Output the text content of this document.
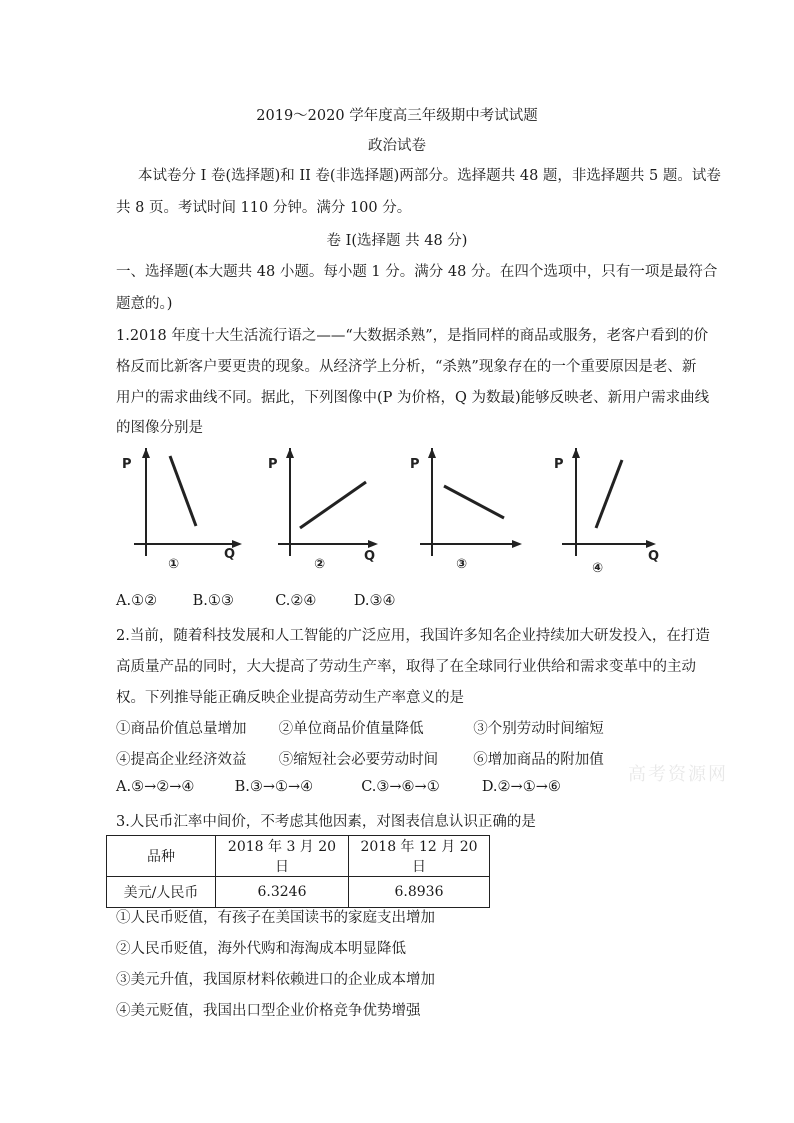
2019～2020 学年度高三年级期中考试试题
政治试卷
本试卷分 I 卷(选择题)和 II 卷(非选择题)两部分。选择题共 48 题，非选择题共 5 题。试卷
共 8 页。考试时间 110 分钟。满分 100 分。
卷 I(选择题 共 48 分)
一、选择题(本大题共 48 小题。每小题 1 分。满分 48 分。在四个选项中，只有一项是最符合
题意的。)
1.2018 年度十大生活流行语之——“大数据杀熟”，是指同样的商品或服务，老客户看到的价
格反而比新客户要更贵的现象。从经济学上分析，“杀熟”现象存在的一个重要原因是老、新
用户的需求曲线不同。据此，下列图像中(P 为价格，Q 为数最)能够反映老、新用户需求曲线
的图像分别是
P
Q
①
P
Q
②
P
③
P
Q
④
A.①② B.①③	C.②④	D.③④
2.当前，随着科技发展和人工智能的广泛应用，我国许多知名企业持续加大研发投入，在打造
高质量产品的同时，大大提高了劳动生产率，取得了在全球同行业供给和需求变革中的主动
权。下列推导能正确反映企业提高劳动生产率意义的是
①商品价值总量增加 ②单位商品价值量降低	③个别劳动时间缩短
④提高企业经济效益 ⑤缩短社会必要劳动时间 ⑥增加商品的附加值
A.⑤→②→④	B.③→①→④	C.③→⑥→①	D.②→①→⑥
高考资源网
3.人民币汇率中间价，不考虑其他因素，对图表信息认识正确的是
品种	2018 年 3 月 20 日	2018 年 12 月 20 日
美元/人民币	6.3246	6.8936
①人民币贬值，有孩子在美国读书的家庭支出增加
②人民币贬值，海外代购和海淘成本明显降低
③美元升值，我国原材料依赖进口的企业成本增加
④美元贬值，我国出口型企业价格竞争优势增强
